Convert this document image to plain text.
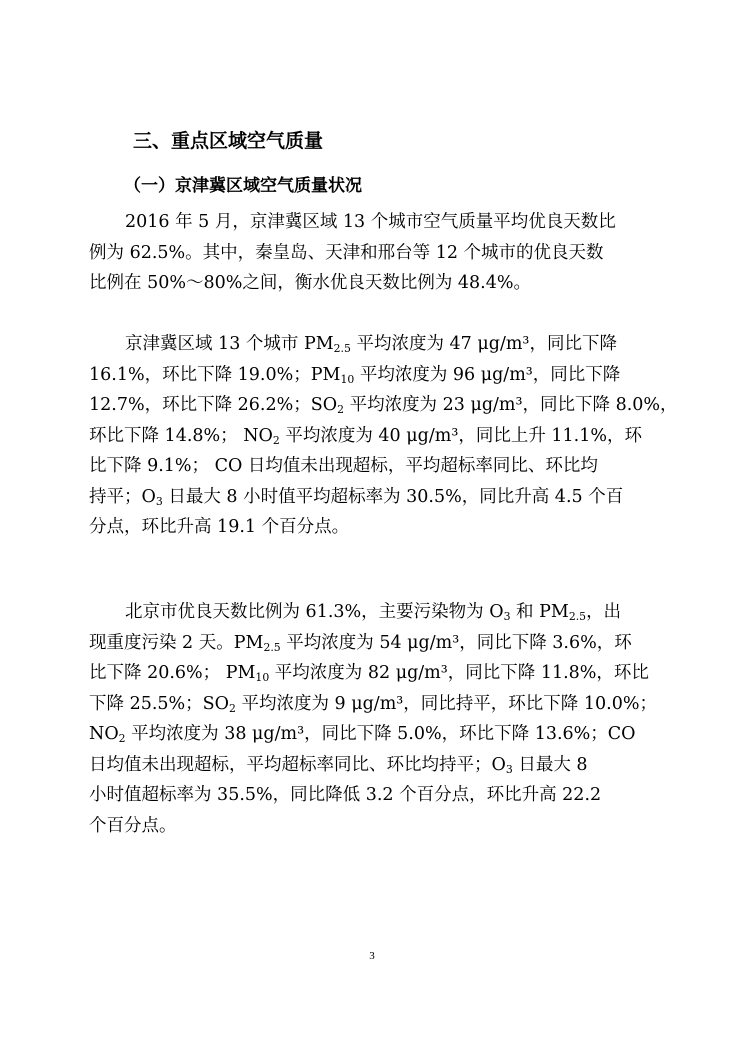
三、重点区域空气质量
（一）京津冀区域空气质量状况
2016 年 5 月，京津冀区域 13 个城市空气质量平均优良天数比
例为 62.5%。其中，秦皇岛、天津和邢台等 12 个城市的优良天数
比例在 50%～80%之间，衡水优良天数比例为 48.4%。
京津冀区域 13 个城市 $PM_{2.5}$ 平均浓度为 47 μg/m³，同比下降
16.1%，环比下降 19.0%；$PM_{10}$ 平均浓度为 96 μg/m³，同比下降
12.7%，环比下降 26.2%；$SO_2$ 平均浓度为 23 μg/m³，同比下降 8.0%，
环比下降 14.8%； $NO_2$ 平均浓度为 40 μg/m³，同比上升 11.1%，环
比下降 9.1%； CO 日均值未出现超标，平均超标率同比、环比均
持平；$O_3$ 日最大 8 小时值平均超标率为 30.5%，同比升高 4.5 个百
分点，环比升高 19.1 个百分点。
北京市优良天数比例为 61.3%，主要污染物为 $O_3$ 和 $PM_{2.5}$，出
现重度污染 2 天。$PM_{2.5}$ 平均浓度为 54 μg/m³，同比下降 3.6%，环
比下降 20.6%； $PM_{10}$ 平均浓度为 82 μg/m³，同比下降 11.8%，环比
下降 25.5%；$SO_2$ 平均浓度为 9 μg/m³，同比持平，环比下降 10.0%；
$NO_2$ 平均浓度为 38 μg/m³，同比下降 5.0%，环比下降 13.6%；CO
日均值未出现超标，平均超标率同比、环比均持平；$O_3$ 日最大 8
小时值超标率为 35.5%，同比降低 3.2 个百分点，环比升高 22.2
个百分点。
3
